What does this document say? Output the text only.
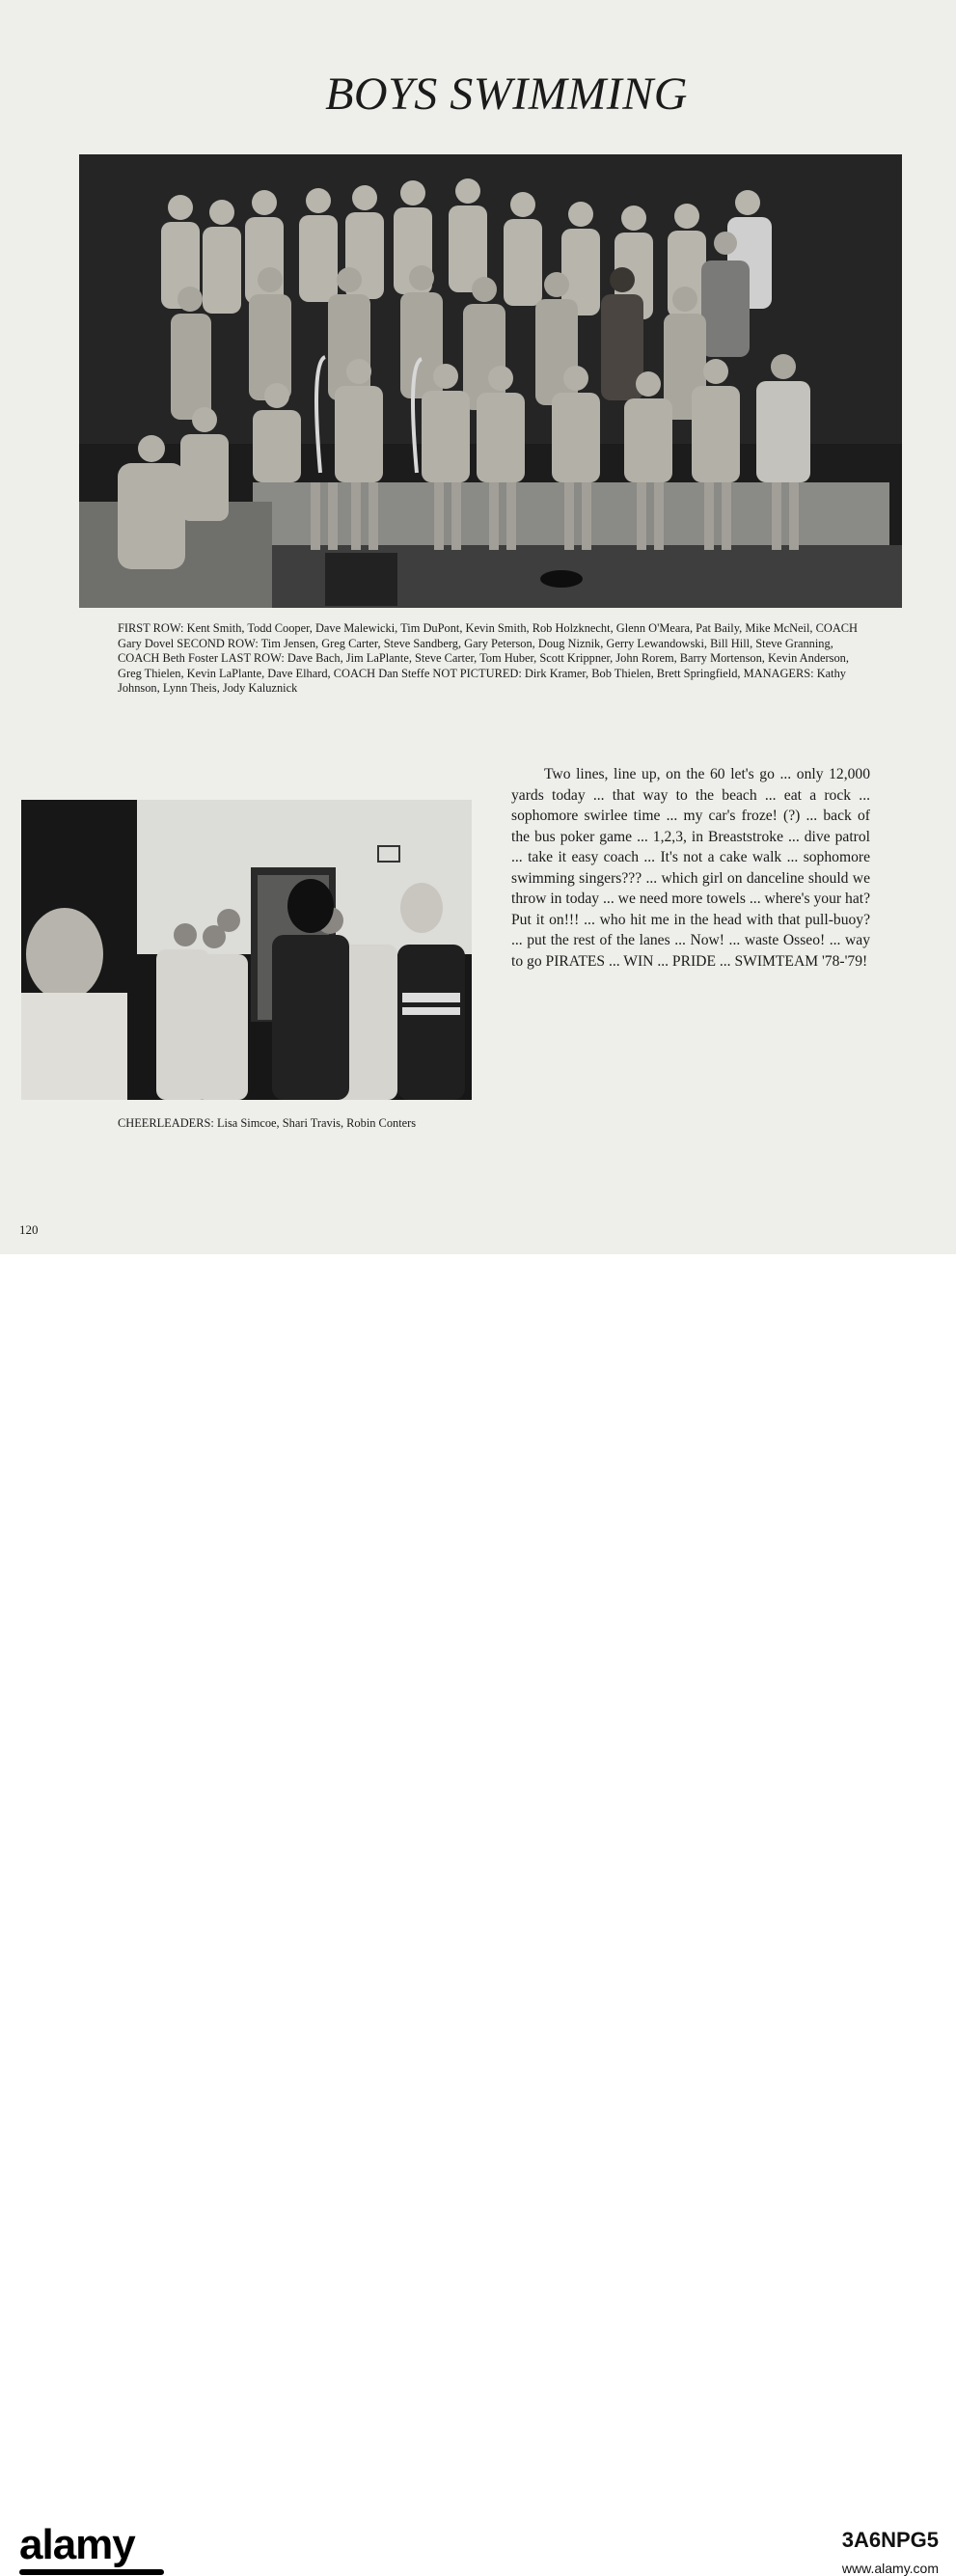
BOYS SWIMMING
FIRST ROW: Kent Smith, Todd Cooper, Dave Malewicki, Tim DuPont, Kevin Smith, Rob Holzknecht, Glenn O'Meara, Pat Baily, Mike McNeil, COACH Gary Dovel SECOND ROW: Tim Jensen, Greg Carter, Steve Sandberg, Gary Peterson, Doug Niznik, Gerry Lewandowski, Bill Hill, Steve Granning, COACH Beth Foster LAST ROW: Dave Bach, Jim LaPlante, Steve Carter, Tom Huber, Scott Krippner, John Rorem, Barry Mortenson, Kevin Anderson, Greg Thielen, Kevin LaPlante, Dave Elhard, COACH Dan Steffe NOT PICTURED: Dirk Kramer, Bob Thielen, Brett Springfield, MANAGERS: Kathy Johnson, Lynn Theis, Jody Kaluznick
CHEERLEADERS: Lisa Simcoe, Shari Travis, Robin Conters
Two lines, line up, on the 60 let's go ... only 12,000 yards today ... that way to the beach ... eat a rock ... sophomore swirlee time ... my car's froze! (?) ... back of the bus poker game ... 1,2,3, in Breaststroke ... dive patrol ... take it easy coach ... It's not a cake walk ... sophomore swimming singers??? ... which girl on danceline should we throw in today ... we need more towels ... where's your hat? Put it on!!! ... who hit me in the head with that pull-buoy? ... put the rest of the lanes ... Now! ... waste Osseo! ... way to go PIRATES ... WIN ... PRIDE ... SWIMTEAM '78-'79!
120
alamy	3A6NPG5
www.alamy.com
